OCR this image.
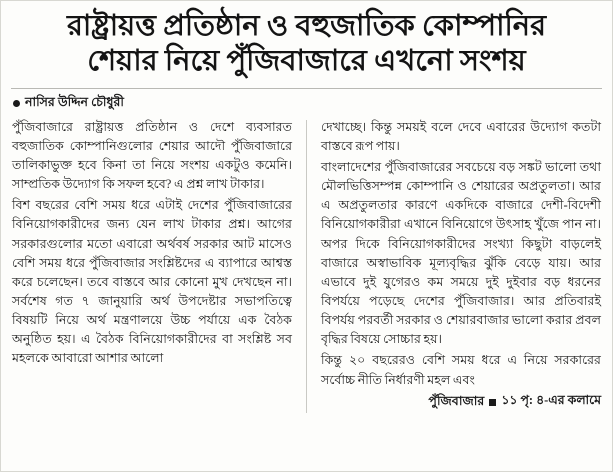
রাষ্ট্রায়ত্ত প্রতিষ্ঠান ও বহুজাতিক কোম্পানির
শেয়ার নিয়ে পুঁজিবাজারে এখনো সংশয়
নাসির উদ্দিন চৌধুরী

পুঁজিবাজারে রাষ্ট্রায়ত্ত প্রতিষ্ঠান ও দেশে ব্যবসারত বহুজাতিক কোম্পানিগুলোর শেয়ার আদৌ পুঁজিবাজারে তালিকাভুক্ত হবে কিনা তা নিয়ে সংশয় একটুও কমেনি। সাম্প্রতিক উদ্যোগ কি সফল হবে? এ প্রশ্ন লাখ টাকার।

বিশ বছরের বেশি সময় ধরে এটাই দেশের পুঁজিবাজারের বিনিয়োগকারীদের জন্য যেন লাখ টাকার প্রশ্ন। আগের সরকারগুলোর মতো এবারো অর্থবর্ষ সরকার আট মাসেও বেশি সময় ধরে পুঁজিবাজার সংশ্লিষ্টদের এ ব্যাপারে আশ্বস্ত করে চলেছেন। তবে বাস্তবে আর কোনো মুখ দেখছেন না। সর্বশেষ গত ৭ জানুয়ারি অর্থ উপদেষ্টার সভাপতিত্বে বিষয়টি নিয়ে অর্থ মন্ত্রণালয়ে উচ্চ পর্যায়ে এক বৈঠক অনুষ্ঠিত হয়। এ বৈঠক বিনিয়োগকারীদের বা সংশ্লিষ্ট সব মহলকে আবারো আশার আলো

দেখাচ্ছে। কিন্তু সময়ই বলে দেবে এবারের উদ্যোগ কতটা বাস্তবে রূপ পায়।

বাংলাদেশের পুঁজিবাজারের সবচেয়ে বড় সঙ্কট ভালো তথা মৌলভিত্তিসম্পন্ন কোম্পানি ও শেয়ারের অপ্রতুলতা। আর এ অপ্রতুলতার কারণে একদিকে বাজারে দেশী-বিদেশী বিনিয়োগকারীরা এখানে বিনিয়োগে উৎসাহ খুঁজে পান না। অপর দিকে বিনিয়োগকারীদের সংখ্যা কিছুটা বাড়লেই বাজারে অস্বাভাবিক মূল্যবৃদ্ধির ঝুঁকি বেড়ে যায়। আর এভাবে দুই যুগেরও কম সময়ে দুই দুইবার বড় ধরনের বিপর্যয়ে পড়েছে দেশের পুঁজিবাজার। আর প্রতিবারই বিপর্যয় পরবর্তী সরকার ও শেয়ারবাজার ভালো করার প্রবল বৃদ্ধির বিষয়ে সোচ্চার হয়।

কিন্তু ২০ বছরেরও বেশি সময় ধরে এ নিয়ে সরকারের সর্বোচ্চ নীতি নির্ধারণী মহল এবং

পুঁজিবাজার ১১ পৃ: ৪-এর কলামে
